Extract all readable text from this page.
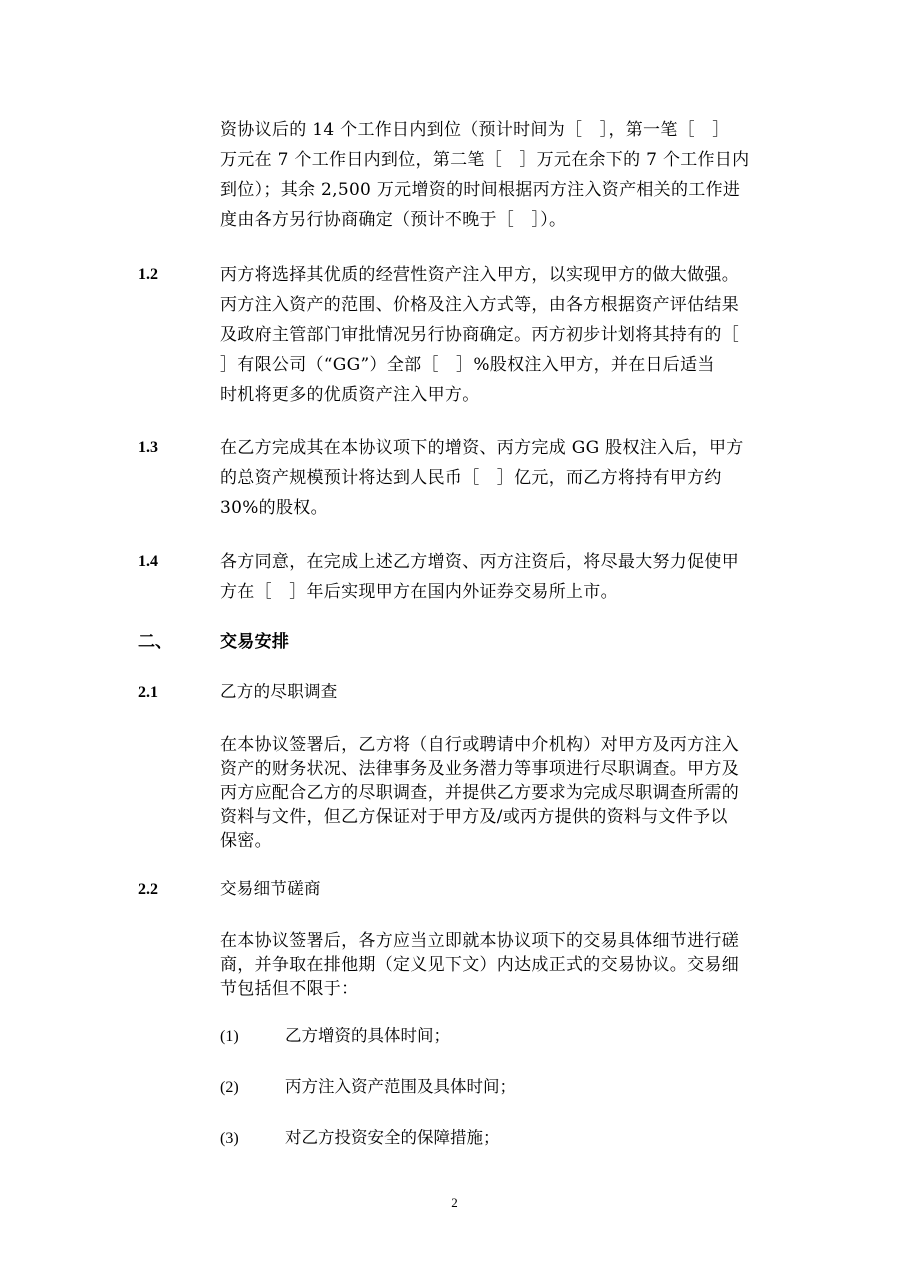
资协议后的 14 个工作日内到位（预计时间为［　］，第一笔［　］
万元在 7 个工作日内到位，第二笔［　］万元在余下的 7 个工作日内
到位）；其余 2,500 万元增资的时间根据丙方注入资产相关的工作进
度由各方另行协商确定（预计不晚于［　］）。
1.2	丙方将选择其优质的经营性资产注入甲方，以实现甲方的做大做强。
丙方注入资产的范围、价格及注入方式等，由各方根据资产评估结果
及政府主管部门审批情况另行协商确定。丙方初步计划将其持有的［
］有限公司（“GG”）全部［　］%股权注入甲方，并在日后适当
时机将更多的优质资产注入甲方。
1.3	在乙方完成其在本协议项下的增资、丙方完成 GG 股权注入后，甲方
的总资产规模预计将达到人民币［　］亿元，而乙方将持有甲方约
30%的股权。
1.4	各方同意，在完成上述乙方增资、丙方注资后，将尽最大努力促使甲
方在［　］年后实现甲方在国内外证券交易所上市。
二、	交易安排
2.1	乙方的尽职调查
在本协议签署后，乙方将（自行或聘请中介机构）对甲方及丙方注入
资产的财务状况、法律事务及业务潜力等事项进行尽职调查。甲方及
丙方应配合乙方的尽职调查，并提供乙方要求为完成尽职调查所需的
资料与文件，但乙方保证对于甲方及/或丙方提供的资料与文件予以
保密。
2.2	交易细节磋商
在本协议签署后，各方应当立即就本协议项下的交易具体细节进行磋
商，并争取在排他期（定义见下文）内达成正式的交易协议。交易细
节包括但不限于：
(1)	乙方增资的具体时间；
(2)	丙方注入资产范围及具体时间；
(3)	对乙方投资安全的保障措施；
2
